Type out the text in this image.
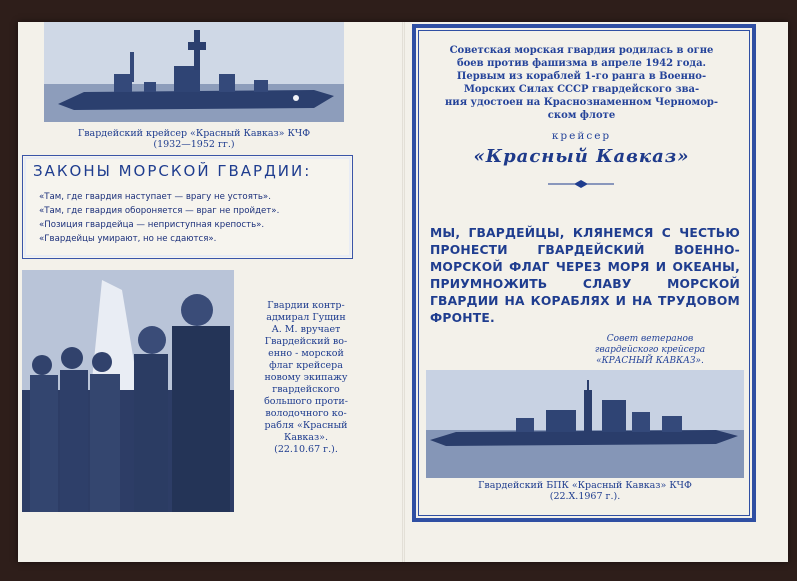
Гвардейский крейсер «Красный Кавказ» КЧФ
(1932—1952 гг.)
ЗАКОНЫ МОРСКОЙ ГВАРДИИ:
«Там, где гвардия наступает — врагу не устоять».
«Там, где гвардия обороняется — враг не пройдет».
«Позиция гвардейца — неприступная крепость».
«Гвардейцы умирают, но не сдаются».
Гвардии контр-
адмирал Гущин
А. М. вручает
Гвардейский во-
енно - морской
флаг крейсера
новому экипажу
гвардейского
большого проти-
володочного ко-
рабля «Красный
Кавказ».
(22.10.67 г.).
Советская морская гвардия родилась в огне
боев против фашизма в апреле 1942 года.
Первым из кораблей 1-го ранга в Военно-
Морских Силах СССР гвардейского зва-
ния удостоен на Краснознаменном Черномор-
ском флоте
крейсер
«Красный Кавказ»
МЫ, ГВАРДЕЙЦЫ, КЛЯНЕМСЯ С ЧЕСТЬЮ ПРОНЕСТИ ГВАРДЕЙСКИЙ ВОЕННО-МОРСКОЙ ФЛАГ ЧЕРЕЗ МОРЯ И ОКЕАНЫ, ПРИУМНОЖИТЬ СЛАВУ МОРСКОЙ ГВАРДИИ НА КОРАБЛЯХ И НА ТРУДОВОМ ФРОНТЕ.
Совет ветеранов
гвардейского крейсера
«КРАСНЫЙ КАВКАЗ».
Гвардейский БПК «Красный Кавказ» КЧФ
(22.X.1967 г.).
